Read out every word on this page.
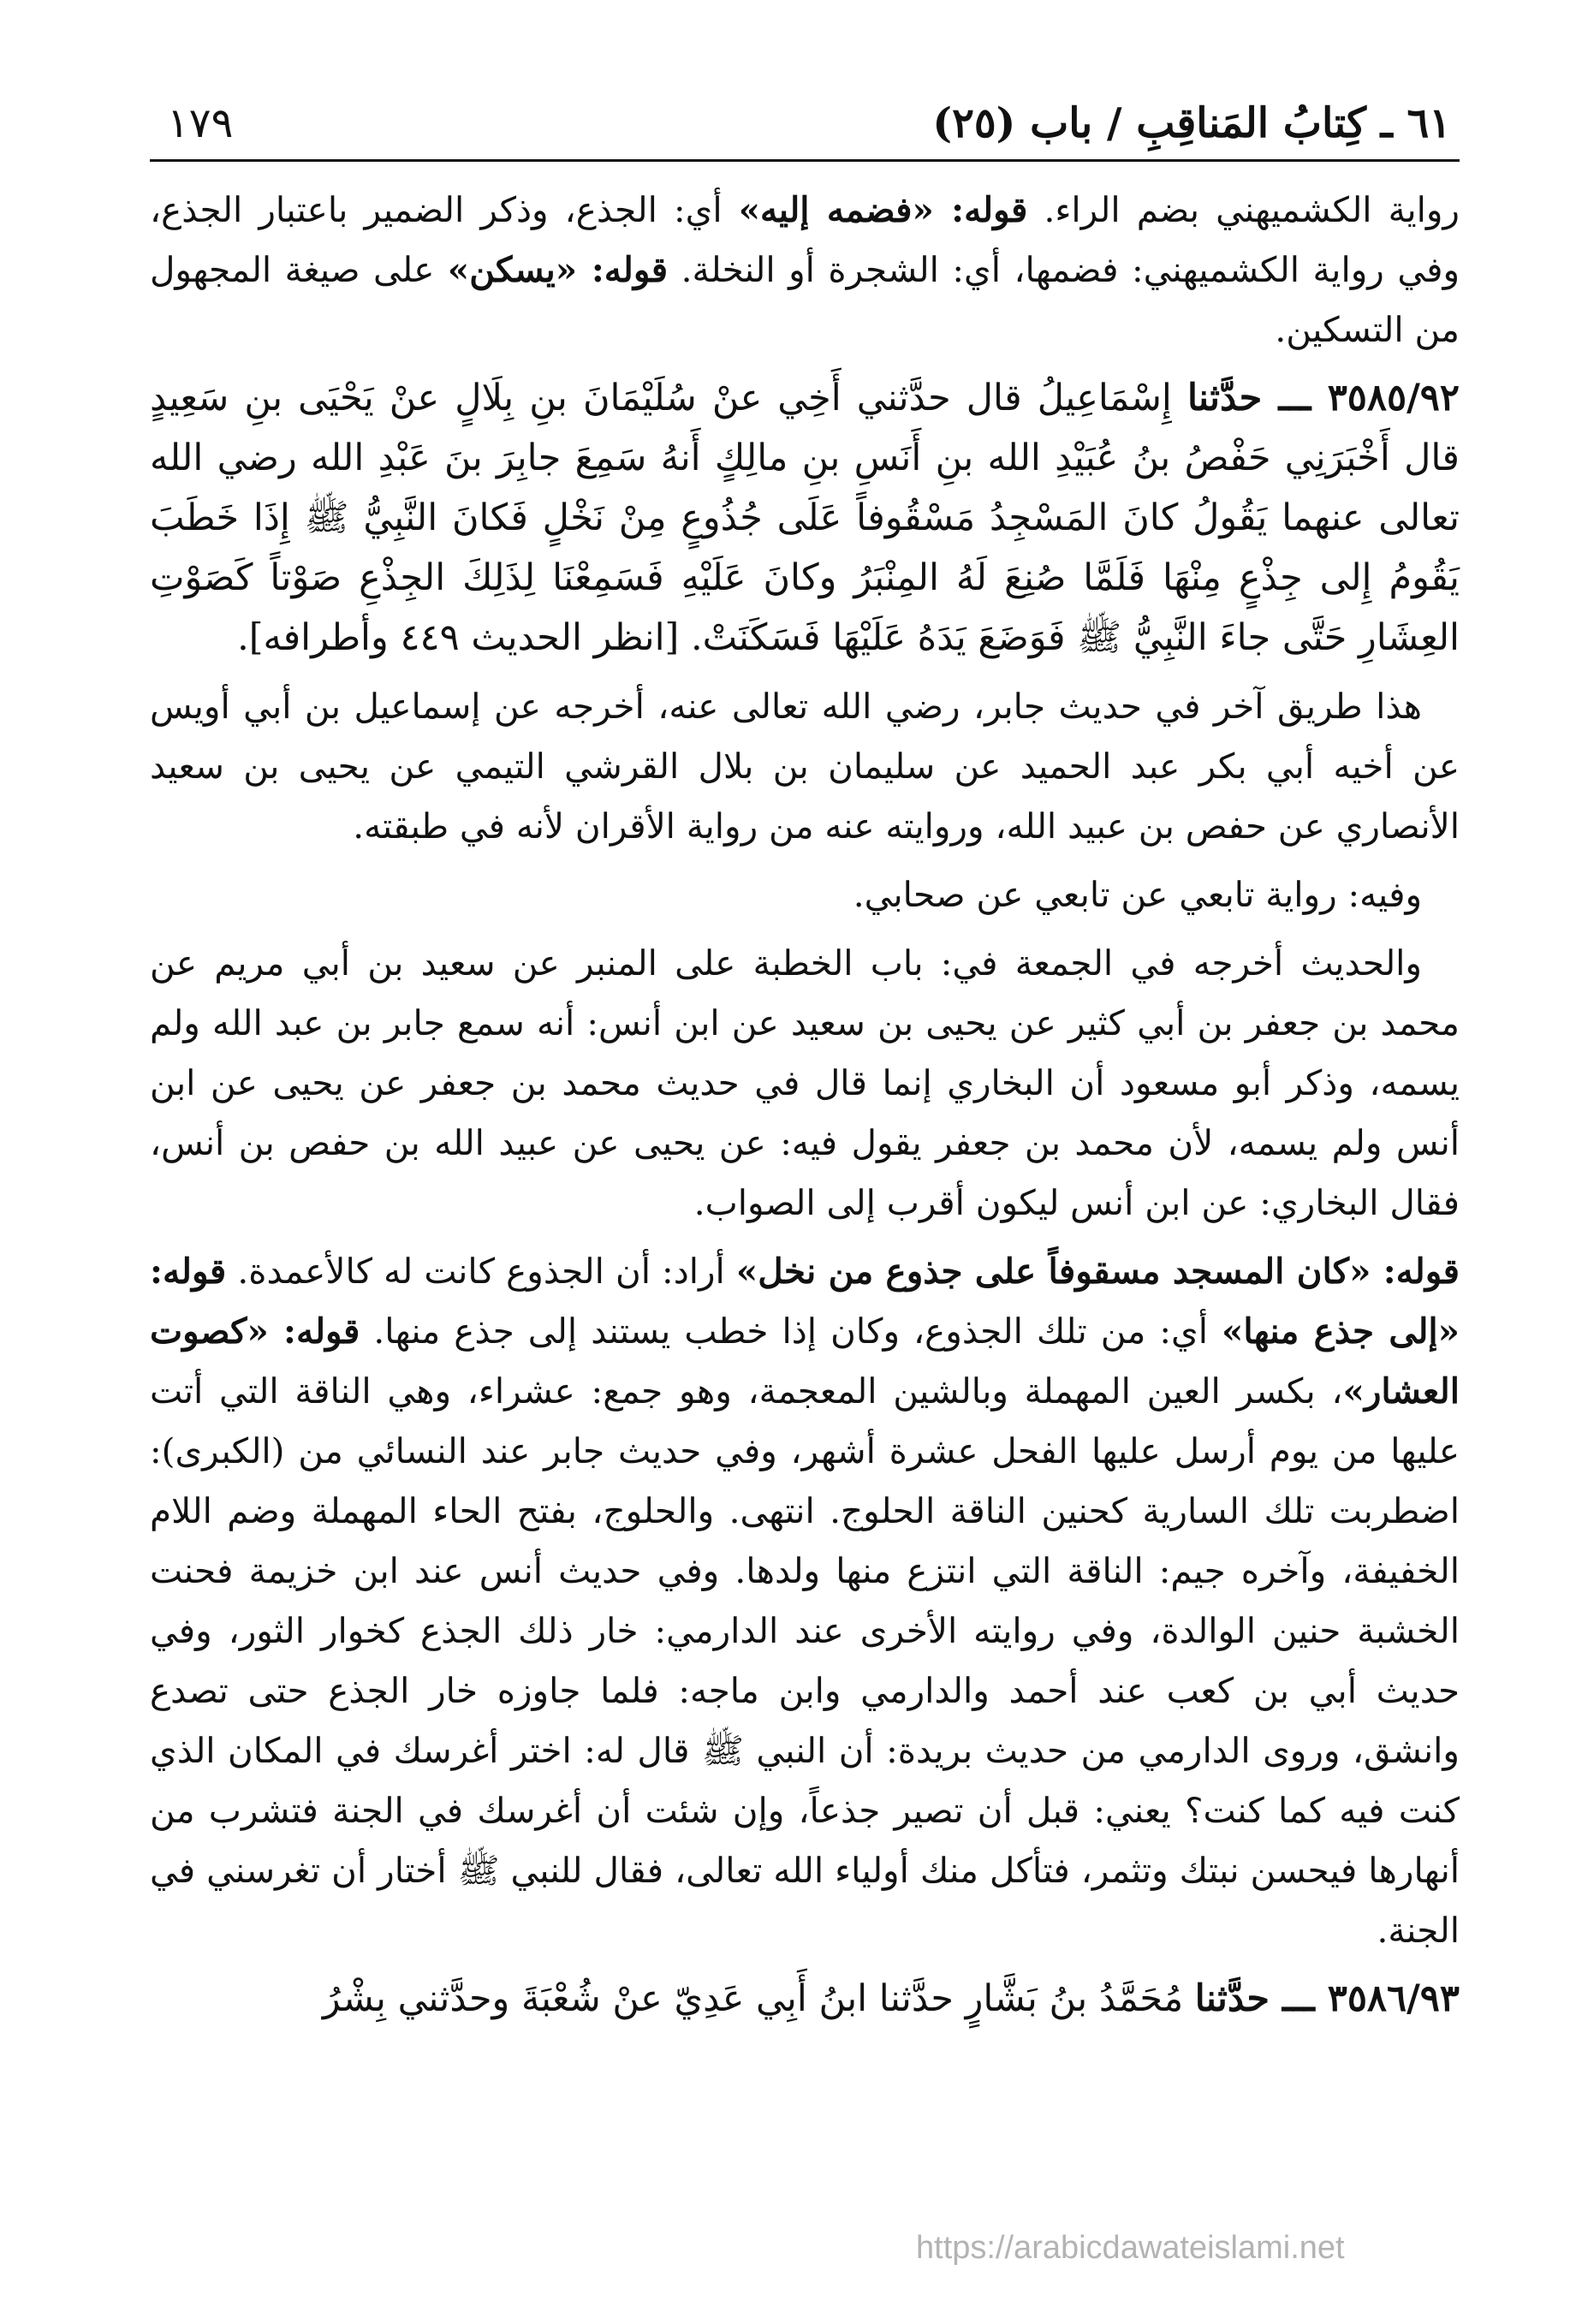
١٧٩	٦١ ـ كِتابُ المَناقِبِ / باب (٢٥)

رواية الكشميهني بضم الراء. قوله: «فضمه إليه» أي: الجذع، وذكر الضمير باعتبار الجذع، وفي رواية الكشميهني: فضمها، أي: الشجرة أو النخلة. قوله: «يسكن» على صيغة المجهول من التسكين.

٣٥٨٥/٩٢ ـــ حدَّثنا إِسْمَاعِيلُ قال حدَّثني أَخِي عنْ سُلَيْمَانَ بنِ بِلَالٍ عنْ يَحْيَى بنِ سَعِيدٍ قال أَخْبَرَنِي حَفْصُ بنُ عُبَيْدِ الله بنِ أَنَسِ بنِ مالِكٍ أَنهُ سَمِعَ جابِرَ بنَ عَبْدِ الله رضي الله تعالى عنهما يَقُولُ كانَ المَسْجِدُ مَسْقُوفاً عَلَى جُذُوعٍ مِنْ نَخْلٍ فَكانَ النَّبِيُّ ﷺ إِذَا خَطَبَ يَقُومُ إِلى جِذْعٍ مِنْهَا فَلَمَّا صُنِعَ لَهُ المِنْبَرُ وكانَ عَلَيْهِ فَسَمِعْنَا لِذَلِكَ الجِذْعِ صَوْتاً كَصَوْتِ العِشَارِ حَتَّى جاءَ النَّبِيُّ ﷺ فَوَضَعَ يَدَهُ عَلَيْهَا فَسَكَنَتْ. [انظر الحديث ٤٤٩ وأطرافه].

هذا طريق آخر في حديث جابر، رضي الله تعالى عنه، أخرجه عن إسماعيل بن أبي أويس عن أخيه أبي بكر عبد الحميد عن سليمان بن بلال القرشي التيمي عن يحيى بن سعيد الأنصاري عن حفص بن عبيد الله، وروايته عنه من رواية الأقران لأنه في طبقته.

وفيه: رواية تابعي عن تابعي عن صحابي.

والحديث أخرجه في الجمعة في: باب الخطبة على المنبر عن سعيد بن أبي مريم عن محمد بن جعفر بن أبي كثير عن يحيى بن سعيد عن ابن أنس: أنه سمع جابر بن عبد الله ولم يسمه، وذكر أبو مسعود أن البخاري إنما قال في حديث محمد بن جعفر عن يحيى عن ابن أنس ولم يسمه، لأن محمد بن جعفر يقول فيه: عن يحيى عن عبيد الله بن حفص بن أنس، فقال البخاري: عن ابن أنس ليكون أقرب إلى الصواب.

قوله: «كان المسجد مسقوفاً على جذوع من نخل» أراد: أن الجذوع كانت له كالأعمدة. قوله: «إلى جذع منها» أي: من تلك الجذوع، وكان إذا خطب يستند إلى جذع منها. قوله: «كصوت العشار»، بكسر العين المهملة وبالشين المعجمة، وهو جمع: عشراء، وهي الناقة التي أتت عليها من يوم أرسل عليها الفحل عشرة أشهر، وفي حديث جابر عند النسائي من (الكبرى): اضطربت تلك السارية كحنين الناقة الحلوج. انتهى. والحلوج، بفتح الحاء المهملة وضم اللام الخفيفة، وآخره جيم: الناقة التي انتزع منها ولدها. وفي حديث أنس عند ابن خزيمة فحنت الخشبة حنين الوالدة، وفي روايته الأخرى عند الدارمي: خار ذلك الجذع كخوار الثور، وفي حديث أبي بن كعب عند أحمد والدارمي وابن ماجه: فلما جاوزه خار الجذع حتى تصدع وانشق، وروى الدارمي من حديث بريدة: أن النبي ﷺ قال له: اختر أغرسك في المكان الذي كنت فيه كما كنت؟ يعني: قبل أن تصير جذعاً، وإن شئت أن أغرسك في الجنة فتشرب من أنهارها فيحسن نبتك وتثمر، فتأكل منك أولياء الله تعالى، فقال للنبي ﷺ أختار أن تغرسني في الجنة.

٣٥٨٦/٩٣ ـــ حدَّثنا مُحَمَّدُ بنُ بَشَّارٍ حدَّثنا ابنُ أَبِي عَدِيّ عنْ شُعْبَةَ وحدَّثني بِشْرُ

https://arabicdawateislami.net
